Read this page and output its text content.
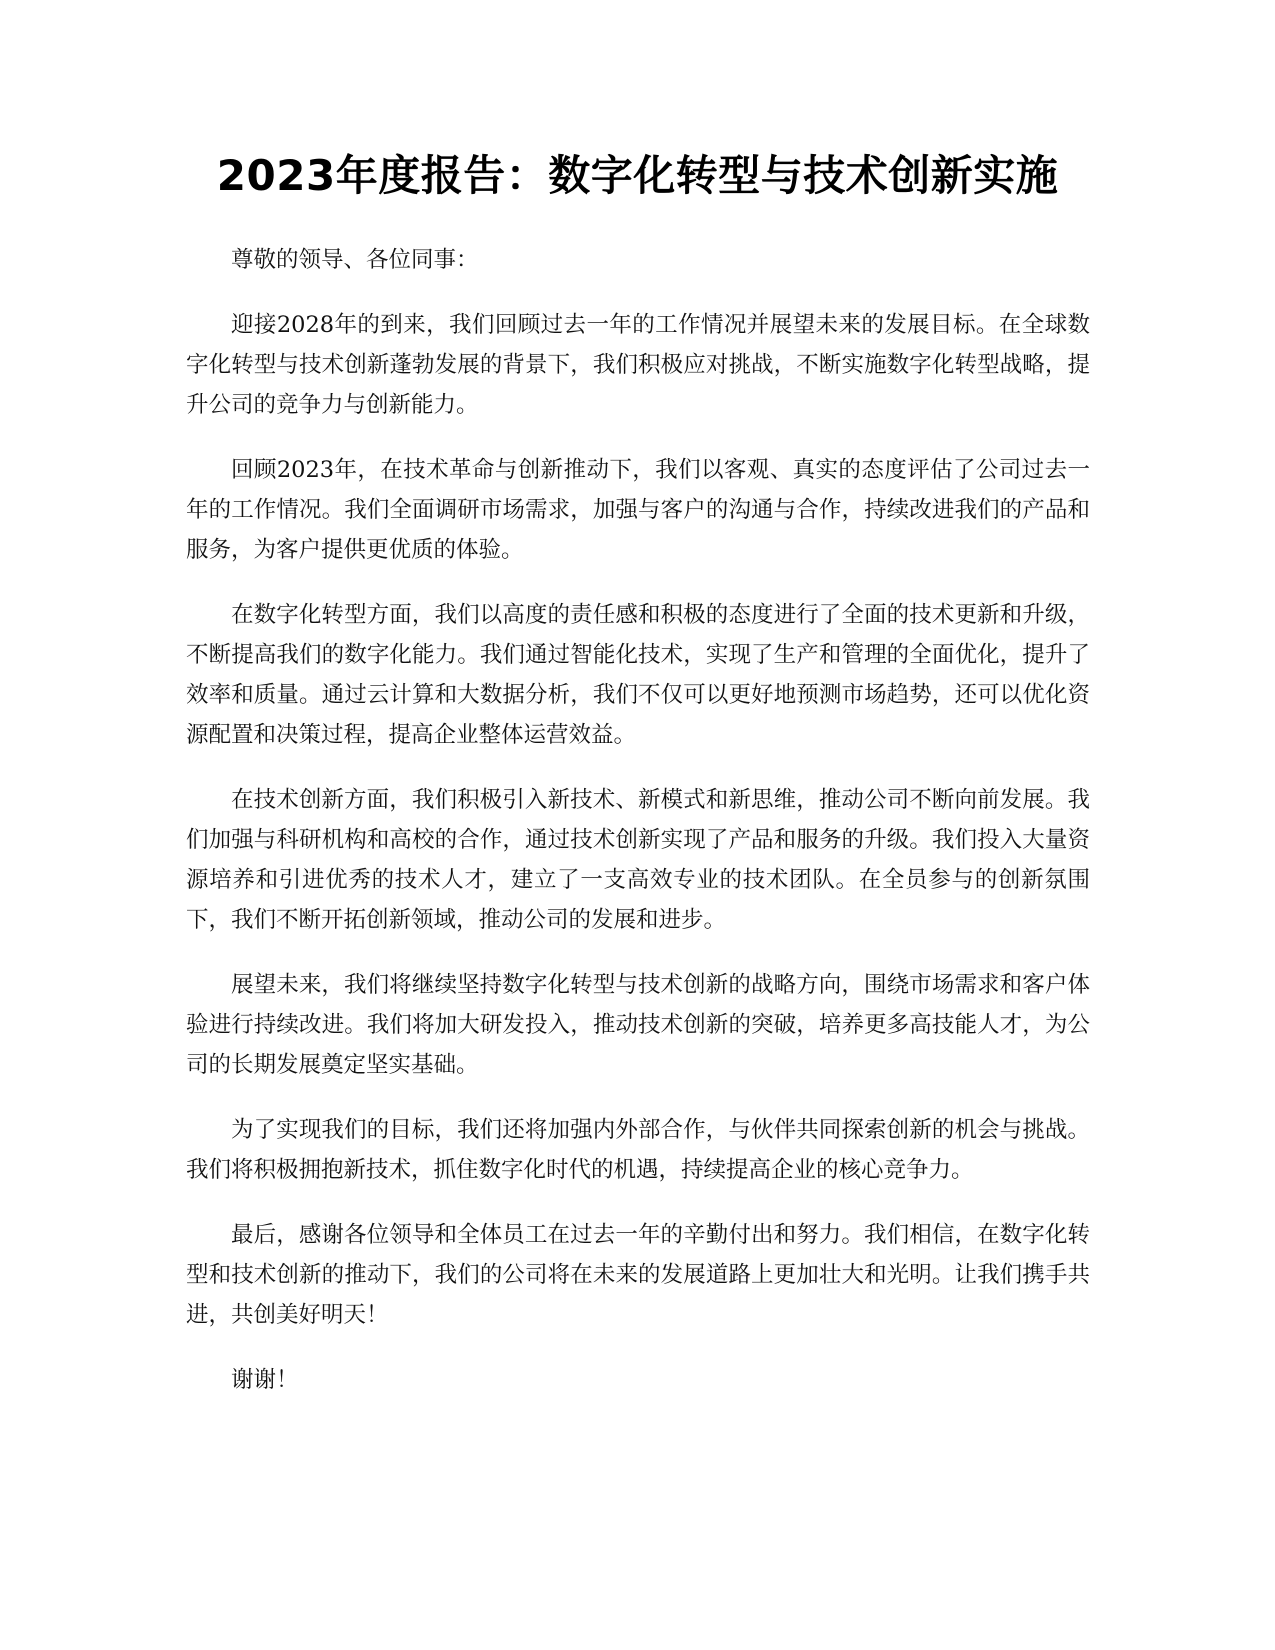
2023年度报告：数字化转型与技术创新实施

尊敬的领导、各位同事：

迎接2028年的到来，我们回顾过去一年的工作情况并展望未来的发展目标。在全球数字化转型与技术创新蓬勃发展的背景下，我们积极应对挑战，不断实施数字化转型战略，提升公司的竞争力与创新能力。

回顾2023年，在技术革命与创新推动下，我们以客观、真实的态度评估了公司过去一年的工作情况。我们全面调研市场需求，加强与客户的沟通与合作，持续改进我们的产品和服务，为客户提供更优质的体验。

在数字化转型方面，我们以高度的责任感和积极的态度进行了全面的技术更新和升级，不断提高我们的数字化能力。我们通过智能化技术，实现了生产和管理的全面优化，提升了效率和质量。通过云计算和大数据分析，我们不仅可以更好地预测市场趋势，还可以优化资源配置和决策过程，提高企业整体运营效益。

在技术创新方面，我们积极引入新技术、新模式和新思维，推动公司不断向前发展。我们加强与科研机构和高校的合作，通过技术创新实现了产品和服务的升级。我们投入大量资源培养和引进优秀的技术人才，建立了一支高效专业的技术团队。在全员参与的创新氛围下，我们不断开拓创新领域，推动公司的发展和进步。

展望未来，我们将继续坚持数字化转型与技术创新的战略方向，围绕市场需求和客户体验进行持续改进。我们将加大研发投入，推动技术创新的突破，培养更多高技能人才，为公司的长期发展奠定坚实基础。

为了实现我们的目标，我们还将加强内外部合作，与伙伴共同探索创新的机会与挑战。我们将积极拥抱新技术，抓住数字化时代的机遇，持续提高企业的核心竞争力。

最后，感谢各位领导和全体员工在过去一年的辛勤付出和努力。我们相信，在数字化转型和技术创新的推动下，我们的公司将在未来的发展道路上更加壮大和光明。让我们携手共进，共创美好明天！

谢谢！
